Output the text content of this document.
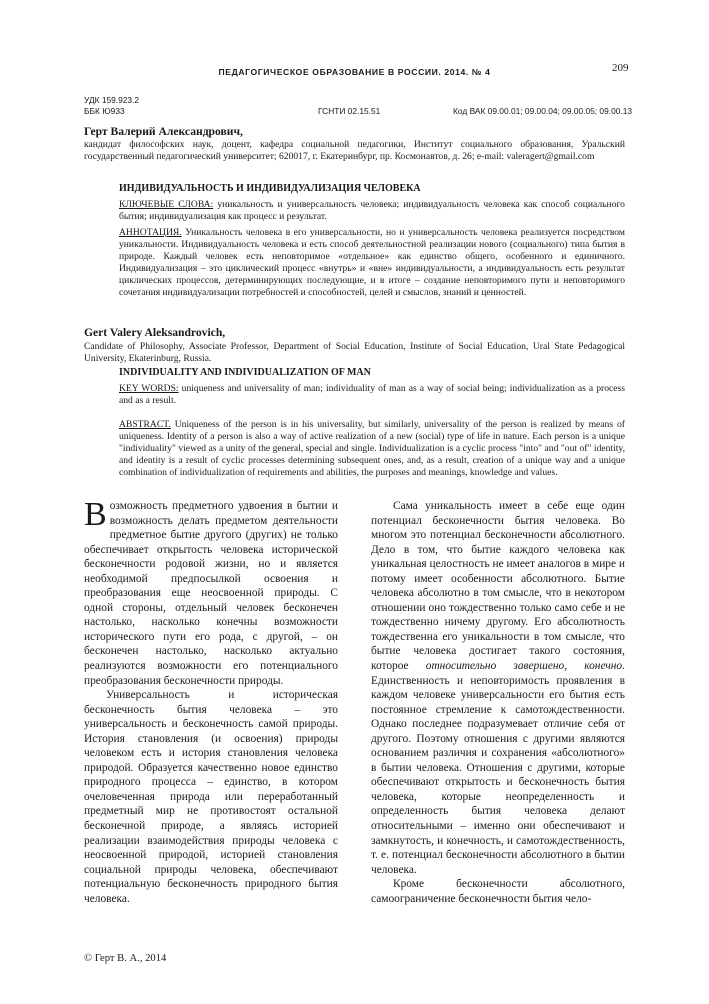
ПЕДАГОГИЧЕСКОЕ ОБРАЗОВАНИЕ В РОССИИ. 2014. № 4	209
УДК 159.923.2
ББК Ю933	ГСНТИ 02.15.51	Код ВАК 09.00.01; 09.00.04; 09.00.05; 09.00.13
Герт Валерий Александрович,
кандидат философских наук, доцент, кафедра социальной педагогики, Институт социального образования, Уральский государственный педагогический университет; 620017, г. Екатеринбург, пр. Космонавтов, д. 26; e-mail: valeragert@gmail.com
ИНДИВИДУАЛЬНОСТЬ И ИНДИВИДУАЛИЗАЦИЯ ЧЕЛОВЕКА
КЛЮЧЕВЫЕ СЛОВА: уникальность и универсальность человека; индивидуальность человека как способ социального бытия; индивидуализация как процесс и результат.
АННОТАЦИЯ. Уникальность человека в его универсальности, но и универсальность человека реализуется посредством уникальности. Индивидуальность человека и есть способ деятельностной реализации нового (социального) типа бытия в природе. Каждый человек есть неповторимое «отдельное» как единство общего, особенного и единичного. Индивидуализация – это циклический процесс «внутрь» и «вне» индивидуальности, а индивидуальность есть результат циклических процессов, детерминирующих последующие, и в итоге – создание неповторимого пути и неповторимого сочетания индивидуализации потребностей и способностей, целей и смыслов, знаний и ценностей.
Gert Valery Aleksandrovich,
Candidate of Philosophy, Associate Professor, Department of Social Education, Institute of Social Education, Ural State Pedagogical University, Ekaterinburg, Russia.
INDIVIDUALITY AND INDIVIDUALIZATION OF MAN
KEY WORDS: uniqueness and universality of man; individuality of man as a way of social being; individualization as a process and as a result.
ABSTRACT. Uniqueness of the person is in his universality, but similarly, universality of the person is realized by means of uniqueness. Identity of a person is also a way of active realization of a new (social) type of life in nature. Each person is a unique "individuality" viewed as a unity of the general, special and single. Individualization is a cyclic process "into" and "out of" identity, and identity is a result of cyclic processes determining subsequent ones, and, as a result, creation of a unique way and a unique combination of individualization of requirements and abilities, the purposes and meanings, knowledge and values.

Возможность предметного удвоения в бытии и возможность делать предметом деятельности предметное бытие другого (других) не только обеспечивает открытость человека исторической бесконечности родовой жизни, но и является необходимой предпосылкой освоения и преобразования еще неосвоенной природы. С одной стороны, отдельный человек бесконечен настолько, насколько конечны возможности исторического пути его рода, с другой, – он бесконечен настолько, насколько актуально реализуются возможности его потенциального преобразования бесконечности природы.

Универсальность и историческая бесконечность бытия человека – это универсальность и бесконечность самой природы. История становления (и освоения) природы человеком есть и история становления человека природой. Образуется качественно новое единство природного процесса – единство, в котором очеловеченная природа или переработанный предметный мир не противостоят остальной бесконечной природе, а являясь историей реализации взаимодействия природы человека с неосвоенной природой, историей становления социальной природы человека, обеспечивают потенциальную бесконечность природного бытия человека.

Сама уникальность имеет в себе еще один потенциал бесконечности бытия человека. Во многом это потенциал бесконечности абсолютного. Дело в том, что бытие каждого человека как уникальная целостность не имеет аналогов в мире и потому имеет особенности абсолютного. Бытие человека абсолютно в том смысле, что в некотором отношении оно тождественно только само себе и не тождественно ничему другому. Его абсолютность тождественна его уникальности в том смысле, что бытие человека достигает такого состояния, которое относительно завершено, конечно. Единственность и неповторимость проявления в каждом человеке универсальности его бытия есть постоянное стремление к самотождественности. Однако последнее подразумевает отличие себя от другого. Поэтому отношения с другими являются основанием различия и сохранения «абсолютного» в бытии человека. Отношения с другими, которые обеспечивают открытость и бесконечность бытия человека, которые неопределенность и определенность бытия человека делают относительными – именно они обеспечивают и замкнутость, и конечность, и самотождественность, т. е. потенциал бесконечности абсолютного в бытии человека.

Кроме бесконечности абсолютного, самоограничение бесконечности бытия чело-

© Герт В. А., 2014
